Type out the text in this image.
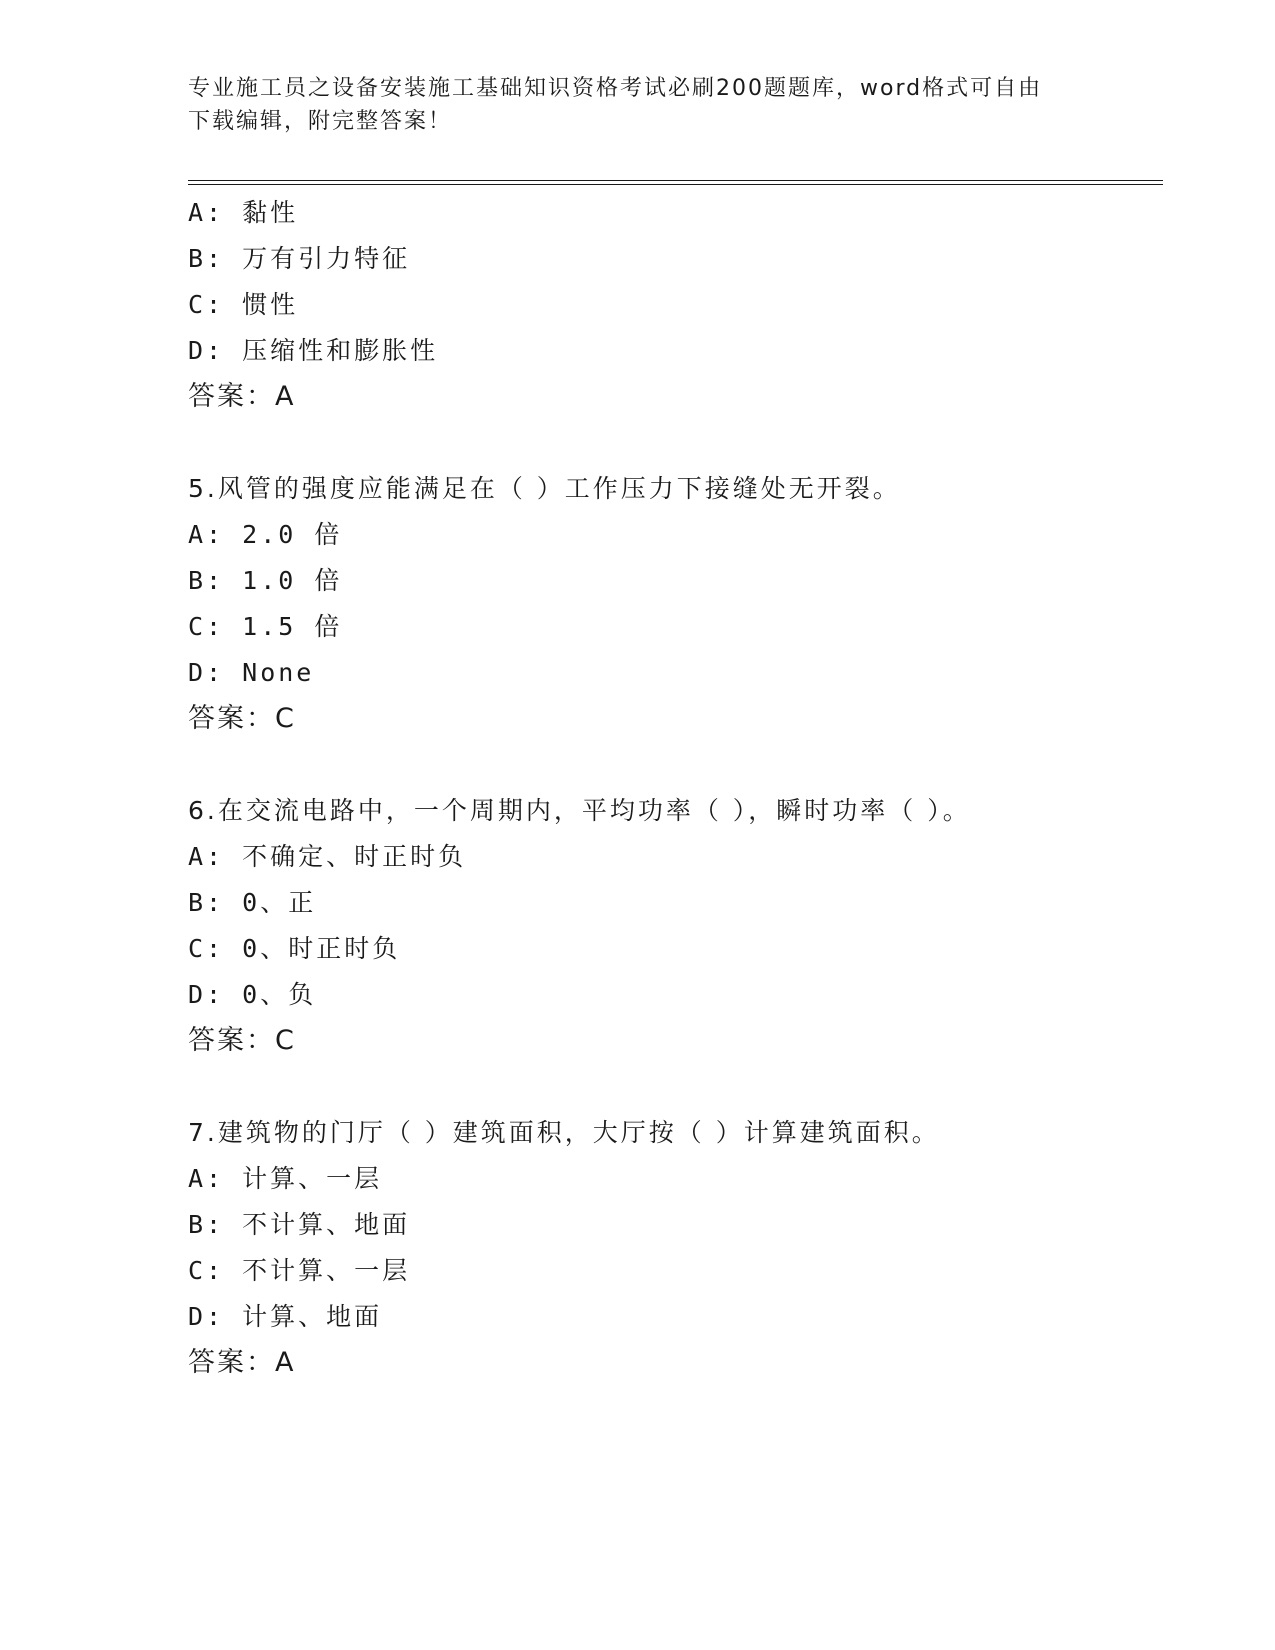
专业施工员之设备安装施工基础知识资格考试必刷200题题库，word格式可自由
下载编辑，附完整答案！
A: 黏性
B: 万有引力特征
C: 惯性
D: 压缩性和膨胀性
答案：A
5.风管的强度应能满足在（ ）工作压力下接缝处无开裂。
A: 2.0 倍
B: 1.0 倍
C: 1.5 倍
D: None
答案：C
6.在交流电路中，一个周期内，平均功率（ ），瞬时功率（ ）。
A: 不确定、时正时负
B: 0、正
C: 0、时正时负
D: 0、负
答案：C
7.建筑物的门厅（ ）建筑面积，大厅按（ ）计算建筑面积。
A: 计算、一层
B: 不计算、地面
C: 不计算、一层
D: 计算、地面
答案：A
